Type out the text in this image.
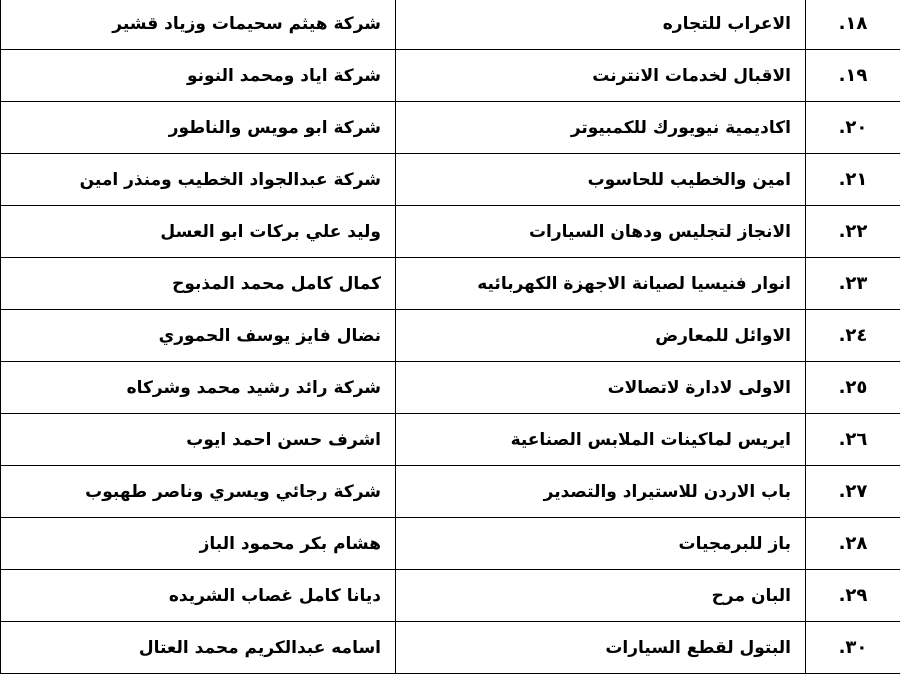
١٨.	الاعراب للتجاره	شركة هيثم سحيمات وزياد قشير
١٩.	الاقبال لخدمات الانترنت	شركة اياد ومحمد النونو
٢٠.	اكاديمية نيويورك للكمبيوتر	شركة ابو مويس والناطور
٢١.	امين والخطيب للحاسوب	شركة عبدالجواد الخطيب ومنذر امين
٢٢.	الانجاز لتجليس ودهان السيارات	وليد علي بركات ابو العسل
٢٣.	انوار فنيسيا لصيانة الاجهزة الكهربائيه	كمال كامل محمد المذبوح
٢٤.	الاوائل للمعارض	نضال فايز يوسف الحموري
٢٥.	الاولى لادارة لاتصالات	شركة رائد رشيد محمد وشركاه
٢٦.	ايريس لماكينات الملابس الصناعية	اشرف حسن احمد ايوب
٢٧.	باب الاردن للاستيراد والتصدير	شركة رجائي ويسري وناصر طهبوب
٢٨.	باز للبرمجيات	هشام بكر محمود الباز
٢٩.	البان مرح	ديانا كامل غصاب الشريده
٣٠.	البتول لقطع السيارات	اسامه عبدالكريم محمد العتال
